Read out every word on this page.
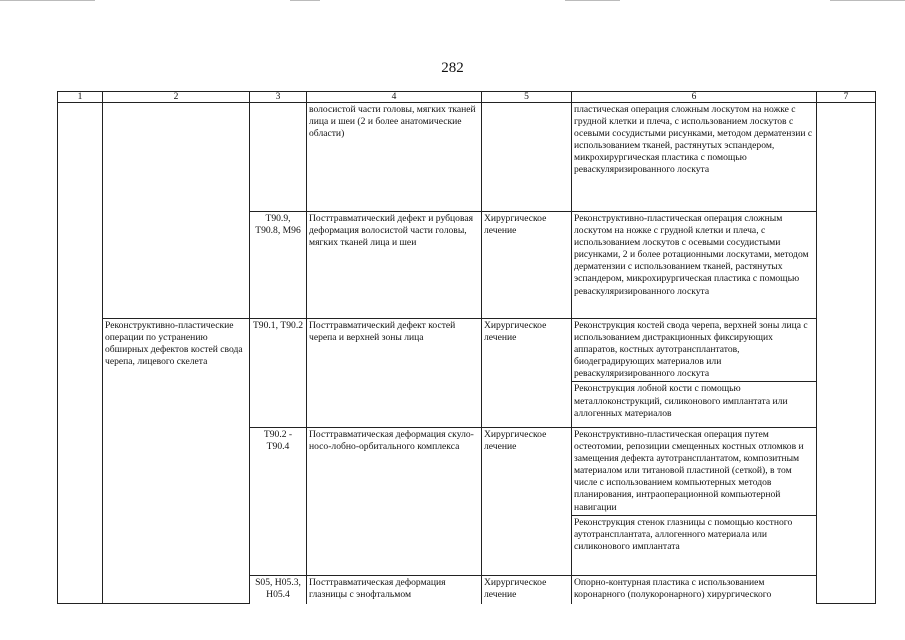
282
1	2	3	4	5	6	7
			волосистой части головы, мягких тканей лица и шеи (2 и более анатомические области)		пластическая операция сложным лоскутом на ножке с грудной клетки и плеча, с использованием лоскутов с осевыми сосудистыми рисунками, методом дерматензии с использованием тканей, растянутых эспандером, микрохирургическая пластика с помощью реваскуляризированного лоскута	
		Т90.9, Т90.8, М96	Посттравматический дефект и рубцовая деформация волосистой части головы, мягких тканей лица и шеи	Хирургическое лечение	Реконструктивно-пластическая операция сложным лоскутом на ножке с грудной клетки и плеча, с использованием лоскутов с осевыми сосудистыми рисунками, 2 и более ротационными лоскутами, методом дерматензии с использованием тканей, растянутых эспандером, микрохирургическая пластика с помощью реваскуляризированного лоскута	
	Реконструктивно-пластические операции по устранению обширных дефектов костей свода черепа, лицевого скелета	Т90.1, Т90.2	Посттравматический дефект костей черепа и верхней зоны лица	Хирургическое лечение	Реконструкция костей свода черепа, верхней зоны лица с использованием дистракционных фиксирующих аппаратов, костных аутотрансплантатов, биодеградирующих материалов или реваскуляризированного лоскута
Реконструкция лобной кости с помощью металлоконструкций, силиконового имплантата или аллогенных материалов	

		Т90.2 - Т90.4	Посттравматическая деформация скуло-носо-лобно-орбитального комплекса	Хирургическое лечение	Реконструктивно-пластическая операция путем остеотомии, репозиции смещенных костных отломков и замещения дефекта аутотрансплантатом, композитным материалом или титановой пластиной (сеткой), в том числе с использованием компьютерных методов планирования, интраоперационной компьютерной навигации
Реконструкция стенок глазницы с помощью костного аутотрансплантата, аллогенного материала или силиконового имплантата	

		S05, Н05.3, Н05.4	Посттравматическая деформация глазницы с энофтальмом	Хирургическое лечение	Опорно-контурная пластика с использованием коронарного (полукоронарного) хирургического	
